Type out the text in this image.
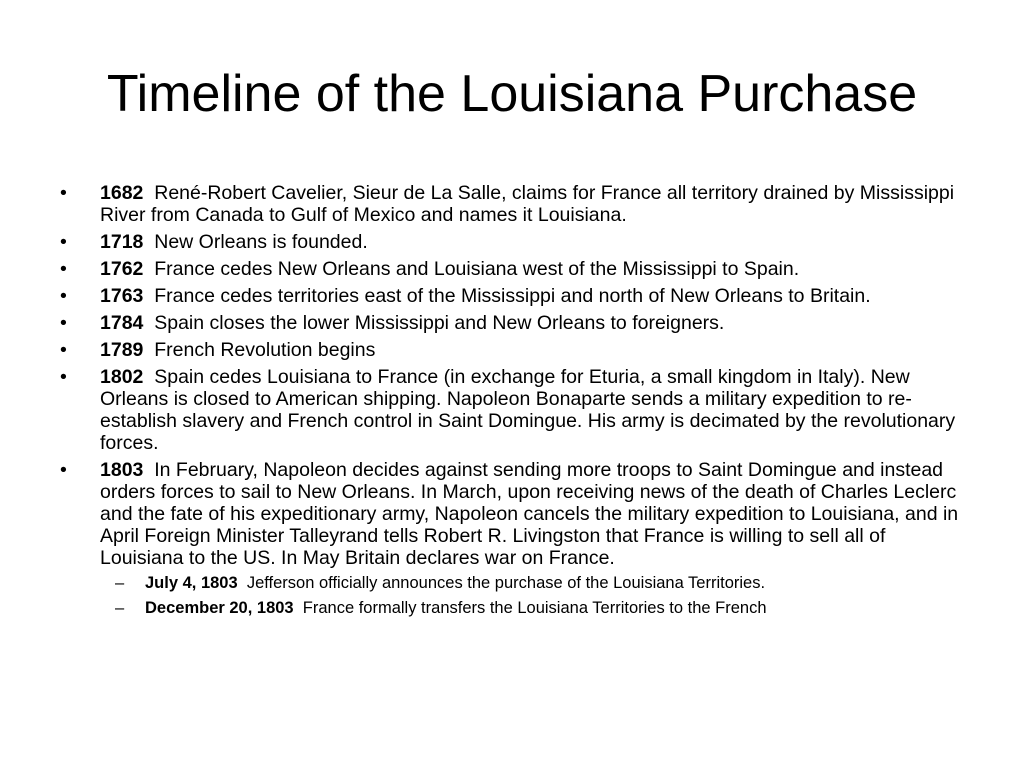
Timeline of the Louisiana Purchase
• 1682 René-Robert Cavelier, Sieur de La Salle, claims for France all territory drained by Mississippi River from Canada to Gulf of Mexico and names it Louisiana.
• 1718 New Orleans is founded.
• 1762 France cedes New Orleans and Louisiana west of the Mississippi to Spain.
• 1763 France cedes territories east of the Mississippi and north of New Orleans to Britain.
• 1784 Spain closes the lower Mississippi and New Orleans to foreigners.
• 1789 French Revolution begins
• 1802 Spain cedes Louisiana to France (in exchange for Eturia, a small kingdom in Italy). New Orleans is closed to American shipping. Napoleon Bonaparte sends a military expedition to re-establish slavery and French control in Saint Domingue. His army is decimated by the revolutionary forces.
• 1803 In February, Napoleon decides against sending more troops to Saint Domingue and instead orders forces to sail to New Orleans. In March, upon receiving news of the death of Charles Leclerc and the fate of his expeditionary army, Napoleon cancels the military expedition to Louisiana, and in April Foreign Minister Talleyrand tells Robert R. Livingston that France is willing to sell all of Louisiana to the US. In May Britain declares war on France.
– July 4, 1803 Jefferson officially announces the purchase of the Louisiana Territories.
– December 20, 1803 France formally transfers the Louisiana Territories to the French
